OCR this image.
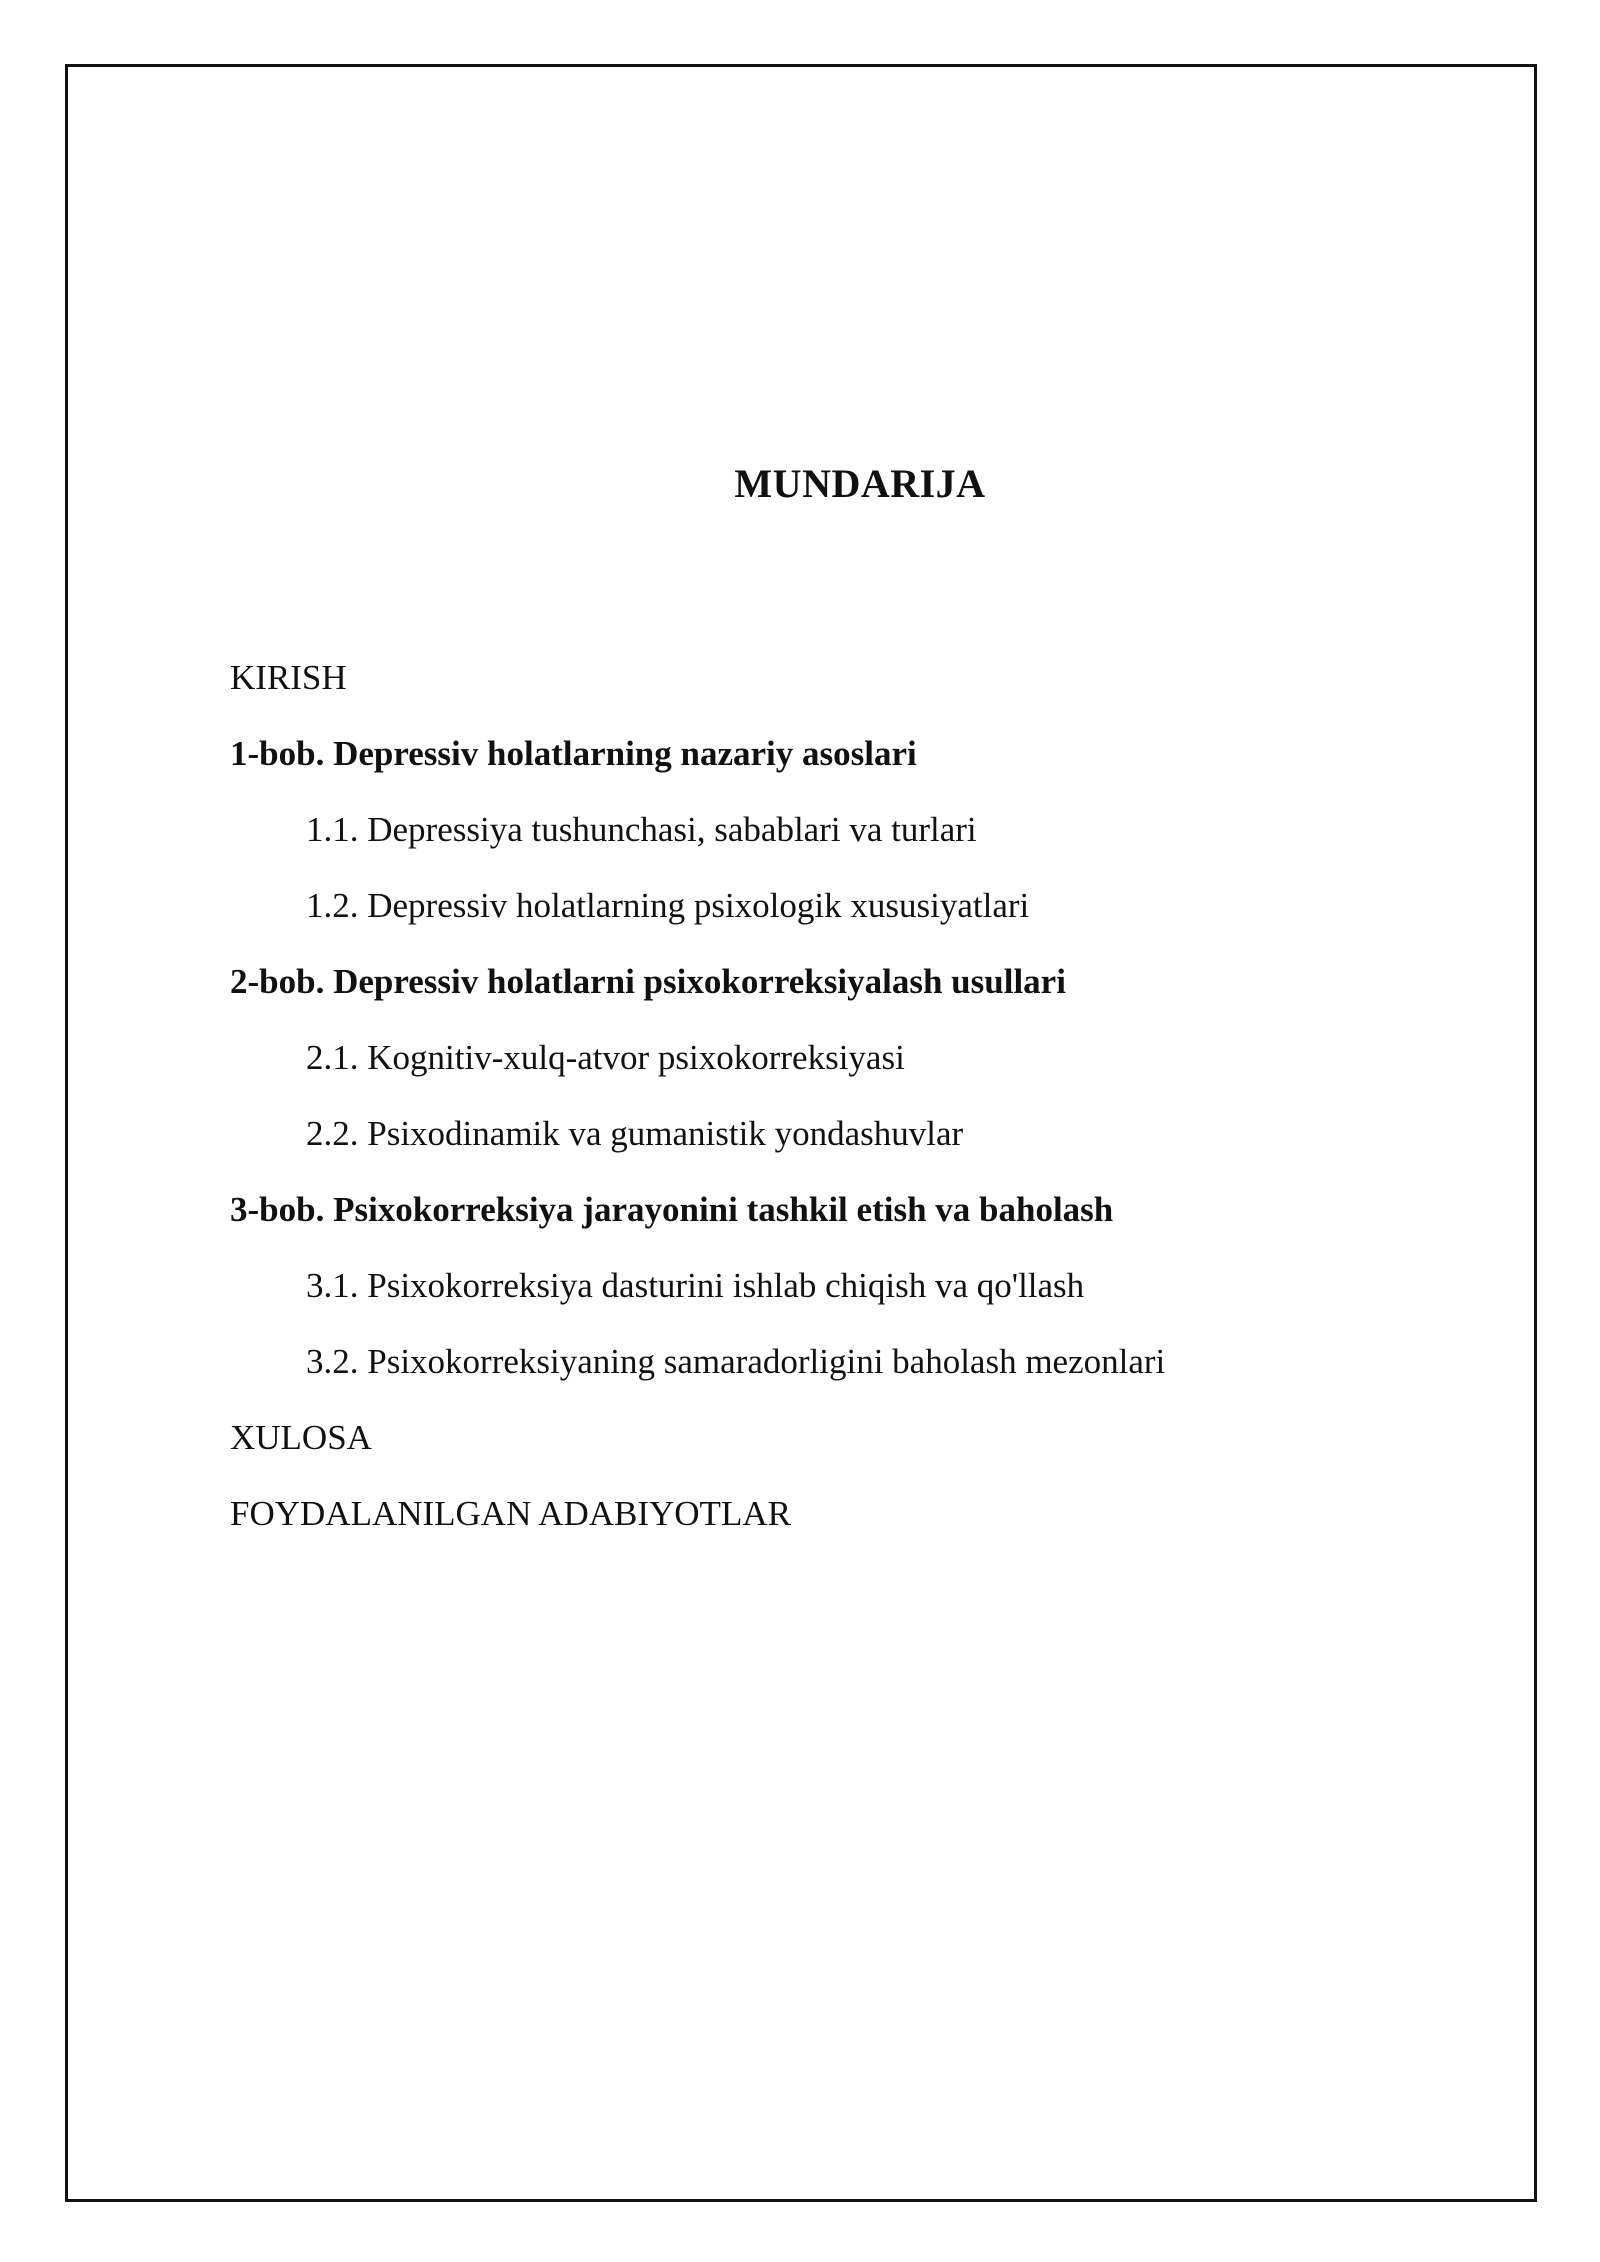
MUNDARIJA
KIRISH
1-bob. Depressiv holatlarning nazariy asoslari
1.1. Depressiya tushunchasi, sabablari va turlari
1.2. Depressiv holatlarning psixologik xususiyatlari
2-bob. Depressiv holatlarni psixokorreksiyalash usullari
2.1. Kognitiv-xulq-atvor psixokorreksiyasi
2.2. Psixodinamik va gumanistik yondashuvlar
3-bob. Psixokorreksiya jarayonini tashkil etish va baholash
3.1. Psixokorreksiya dasturini ishlab chiqish va qo'llash
3.2. Psixokorreksiyaning samaradorligini baholash mezonlari
XULOSA
FOYDALANILGAN ADABIYOTLAR
